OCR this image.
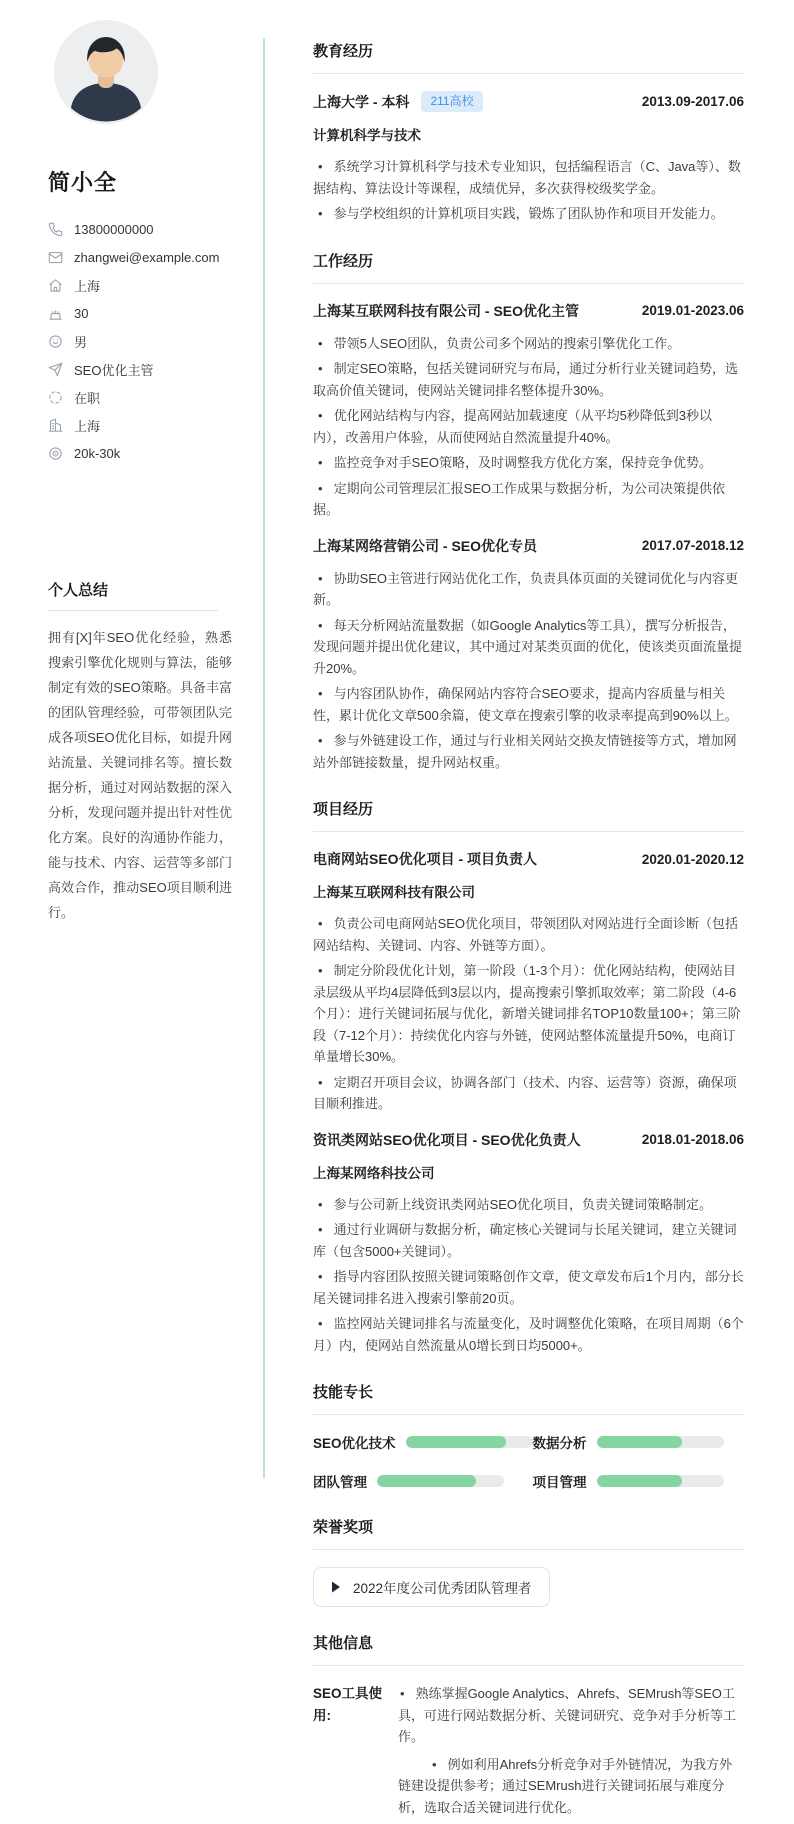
简小全
13800000000
zhangwei@example.com
上海
30
男
SEO优化主管
在职
上海
20k-30k
个人总结

拥有[X]年SEO优化经验，熟悉搜索引擎优化规则与算法，能够制定有效的SEO策略。具备丰富的团队管理经验，可带领团队完成各项SEO优化目标，如提升网站流量、关键词排名等。擅长数据分析，通过对网站数据的深入分析，发现问题并提出针对性优化方案。良好的沟通协作能力，能与技术、内容、运营等多部门高效合作，推动SEO项目顺利进行。

教育经历
上海大学 - 本科	211高校	2013.09-2017.06
计算机科学与技术
• 系统学习计算机科学与技术专业知识，包括编程语言（C、Java等）、数据结构、算法设计等课程，成绩优异，多次获得校级奖学金。
• 参与学校组织的计算机项目实践，锻炼了团队协作和项目开发能力。
工作经历
上海某互联网科技有限公司 - SEO优化主管	2019.01-2023.06
• 带领5人SEO团队，负责公司多个网站的搜索引擎优化工作。
• 制定SEO策略，包括关键词研究与布局，通过分析行业关键词趋势，选取高价值关键词，使网站关键词排名整体提升30%。
• 优化网站结构与内容，提高网站加载速度（从平均5秒降低到3秒以内），改善用户体验，从而使网站自然流量提升40%。
• 监控竞争对手SEO策略，及时调整我方优化方案，保持竞争优势。
• 定期向公司管理层汇报SEO工作成果与数据分析，为公司决策提供依据。
上海某网络营销公司 - SEO优化专员	2017.07-2018.12
• 协助SEO主管进行网站优化工作，负责具体页面的关键词优化与内容更新。
• 每天分析网站流量数据（如Google Analytics等工具），撰写分析报告，发现问题并提出优化建议，其中通过对某类页面的优化，使该类页面流量提升20%。
• 与内容团队协作，确保网站内容符合SEO要求，提高内容质量与相关性，累计优化文章500余篇，使文章在搜索引擎的收录率提高到90%以上。
• 参与外链建设工作，通过与行业相关网站交换友情链接等方式，增加网站外部链接数量，提升网站权重。
项目经历
电商网站SEO优化项目 - 项目负责人	2020.01-2020.12
上海某互联网科技有限公司
• 负责公司电商网站SEO优化项目，带领团队对网站进行全面诊断（包括网站结构、关键词、内容、外链等方面）。
• 制定分阶段优化计划，第一阶段（1-3个月）：优化网站结构，使网站目录层级从平均4层降低到3层以内，提高搜索引擎抓取效率；第二阶段（4-6个月）：进行关键词拓展与优化，新增关键词排名TOP10数量100+；第三阶段（7-12个月）：持续优化内容与外链，使网站整体流量提升50%，电商订单量增长30%。
• 定期召开项目会议，协调各部门（技术、内容、运营等）资源，确保项目顺利推进。
资讯类网站SEO优化项目 - SEO优化负责人	2018.01-2018.06
上海某网络科技公司
• 参与公司新上线资讯类网站SEO优化项目，负责关键词策略制定。
• 通过行业调研与数据分析，确定核心关键词与长尾关键词，建立关键词库（包含5000+关键词）。
• 指导内容团队按照关键词策略创作文章，使文章发布后1个月内，部分长尾关键词排名进入搜索引擎前20页。
• 监控网站关键词排名与流量变化，及时调整优化策略，在项目周期（6个月）内，使网站自然流量从0增长到日均5000+。
技能专长
SEO优化技术	数据分析
团队管理	项目管理
荣誉奖项
2022年度公司优秀团队管理者
其他信息
SEO工具使用:
• 熟练掌握Google Analytics、Ahrefs、SEMrush等SEO工具，可进行网站数据分析、关键词研究、竞争对手分析等工作。
• 例如利用Ahrefs分析竞争对手外链情况，为我方外链建设提供参考；通过SEMrush进行关键词拓展与难度分析，选取合适关键词进行优化。
